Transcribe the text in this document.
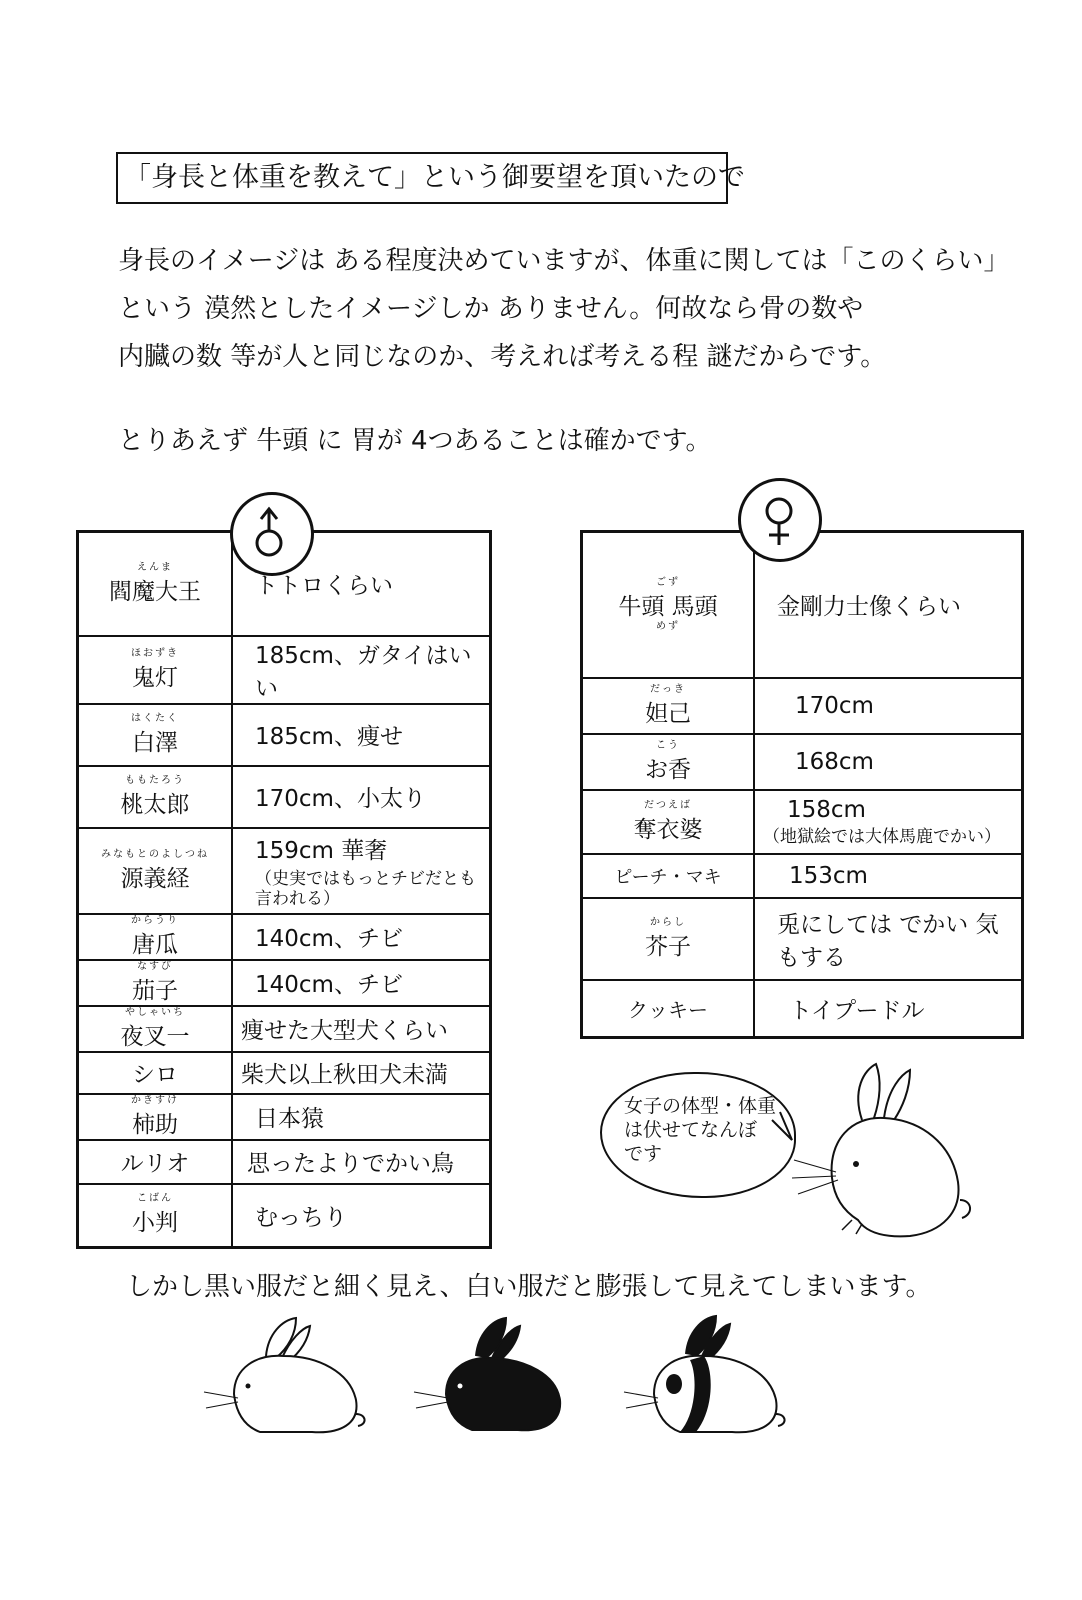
「身長と体重を教えて」という御要望を頂いたので
身長のイメージは ある程度決めていますが、体重に関しては「このくらい」
という 漠然としたイメージしか ありません。何故なら骨の数や
内臓の数 等が人と同じなのか、考えれば考える程 謎だからです。
とりあえず 牛頭 に 胃が 4つあることは確かです。
えんま
閻魔大王	トトロくらい

ほおずき
鬼灯	185cm、ガタイはいい

はくたく
白澤	185cm、痩せ

ももたろう
桃太郎	170cm、小太り

みなもとのよしつね
源義経	159cm 華奢
（史実ではもっとチビだとも言われる）

からうり
唐瓜	140cm、チビ

なすび
茄子	140cm、チビ

やしゃいち
夜叉一	痩せた大型犬くらい
シロ	柴犬以上秋田犬未満

かきすけ
柿助	日本猿
ルリオ	思ったよりでかい鳥

こばん
小判	むっちり
ごず
牛頭 馬頭
めず	金剛力士像くらい

だっき
妲己	170cm

こう
お香	168cm

だつえば
奪衣婆	158cm
（地獄絵では大体馬鹿でかい）

ピーチ・マキ	153cm

からし
芥子	兎にしては でかい 気もする
クッキー	トイプードル
女子の体型・体重
は伏せてなんぼ
です
しかし黒い服だと細く見え、白い服だと膨張して見えてしまいます。
